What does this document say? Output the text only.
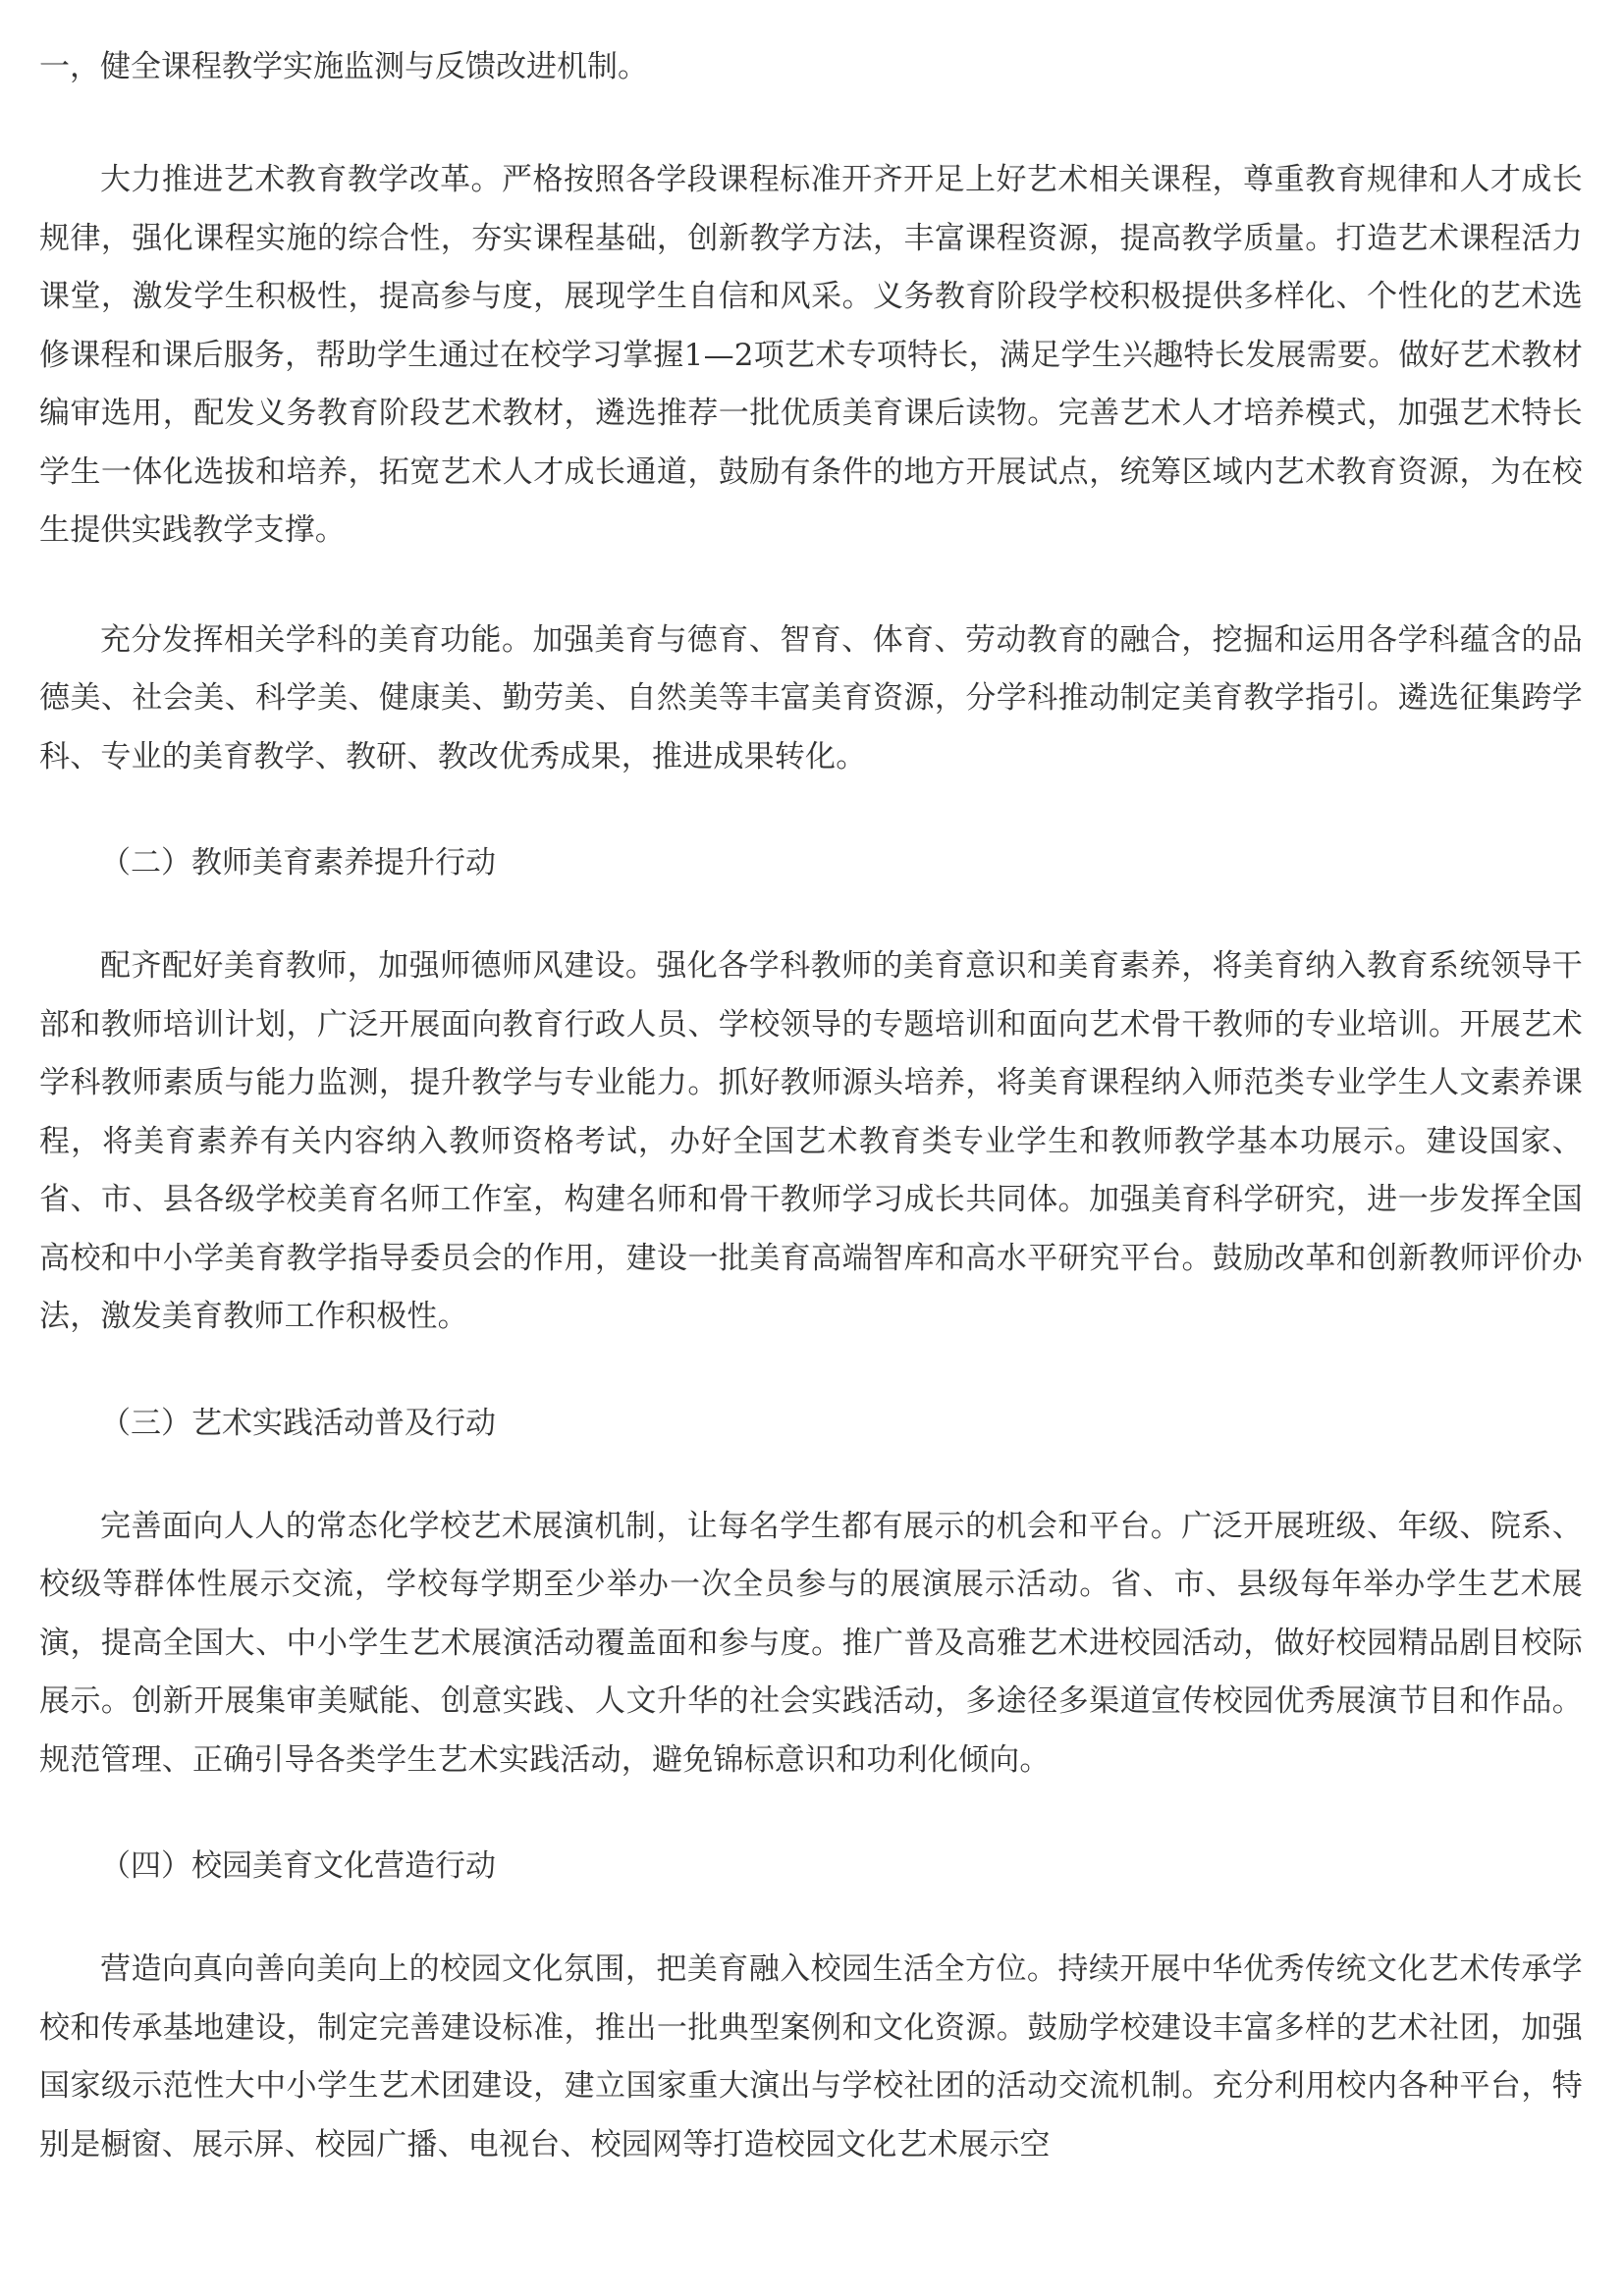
一，健全课程教学实施监测与反馈改进机制。

大力推进艺术教育教学改革。严格按照各学段课程标准开齐开足上好艺术相关课程，尊重教育规律和人才成长规律，强化课程实施的综合性，夯实课程基础，创新教学方法，丰富课程资源，提高教学质量。打造艺术课程活力课堂，激发学生积极性，提高参与度，展现学生自信和风采。义务教育阶段学校积极提供多样化、个性化的艺术选修课程和课后服务，帮助学生通过在校学习掌握1—2项艺术专项特长，满足学生兴趣特长发展需要。做好艺术教材编审选用，配发义务教育阶段艺术教材，遴选推荐一批优质美育课后读物。完善艺术人才培养模式，加强艺术特长学生一体化选拔和培养，拓宽艺术人才成长通道，鼓励有条件的地方开展试点，统筹区域内艺术教育资源，为在校生提供实践教学支撑。

充分发挥相关学科的美育功能。加强美育与德育、智育、体育、劳动教育的融合，挖掘和运用各学科蕴含的品德美、社会美、科学美、健康美、勤劳美、自然美等丰富美育资源，分学科推动制定美育教学指引。遴选征集跨学科、专业的美育教学、教研、教改优秀成果，推进成果转化。

（二）教师美育素养提升行动

配齐配好美育教师，加强师德师风建设。强化各学科教师的美育意识和美育素养，将美育纳入教育系统领导干部和教师培训计划，广泛开展面向教育行政人员、学校领导的专题培训和面向艺术骨干教师的专业培训。开展艺术学科教师素质与能力监测，提升教学与专业能力。抓好教师源头培养，将美育课程纳入师范类专业学生人文素养课程，将美育素养有关内容纳入教师资格考试，办好全国艺术教育类专业学生和教师教学基本功展示。建设国家、省、市、县各级学校美育名师工作室，构建名师和骨干教师学习成长共同体。加强美育科学研究，进一步发挥全国高校和中小学美育教学指导委员会的作用，建设一批美育高端智库和高水平研究平台。鼓励改革和创新教师评价办法，激发美育教师工作积极性。

（三）艺术实践活动普及行动

完善面向人人的常态化学校艺术展演机制，让每名学生都有展示的机会和平台。广泛开展班级、年级、院系、校级等群体性展示交流，学校每学期至少举办一次全员参与的展演展示活动。省、市、县级每年举办学生艺术展演，提高全国大、中小学生艺术展演活动覆盖面和参与度。推广普及高雅艺术进校园活动，做好校园精品剧目校际展示。创新开展集审美赋能、创意实践、人文升华的社会实践活动，多途径多渠道宣传校园优秀展演节目和作品。规范管理、正确引导各类学生艺术实践活动，避免锦标意识和功利化倾向。

（四）校园美育文化营造行动

营造向真向善向美向上的校园文化氛围，把美育融入校园生活全方位。持续开展中华优秀传统文化艺术传承学校和传承基地建设，制定完善建设标准，推出一批典型案例和文化资源。鼓励学校建设丰富多样的艺术社团，加强国家级示范性大中小学生艺术团建设，建立国家重大演出与学校社团的活动交流机制。充分利用校内各种平台，特别是橱窗、展示屏、校园广播、电视台、校园网等打造校园文化艺术展示空
